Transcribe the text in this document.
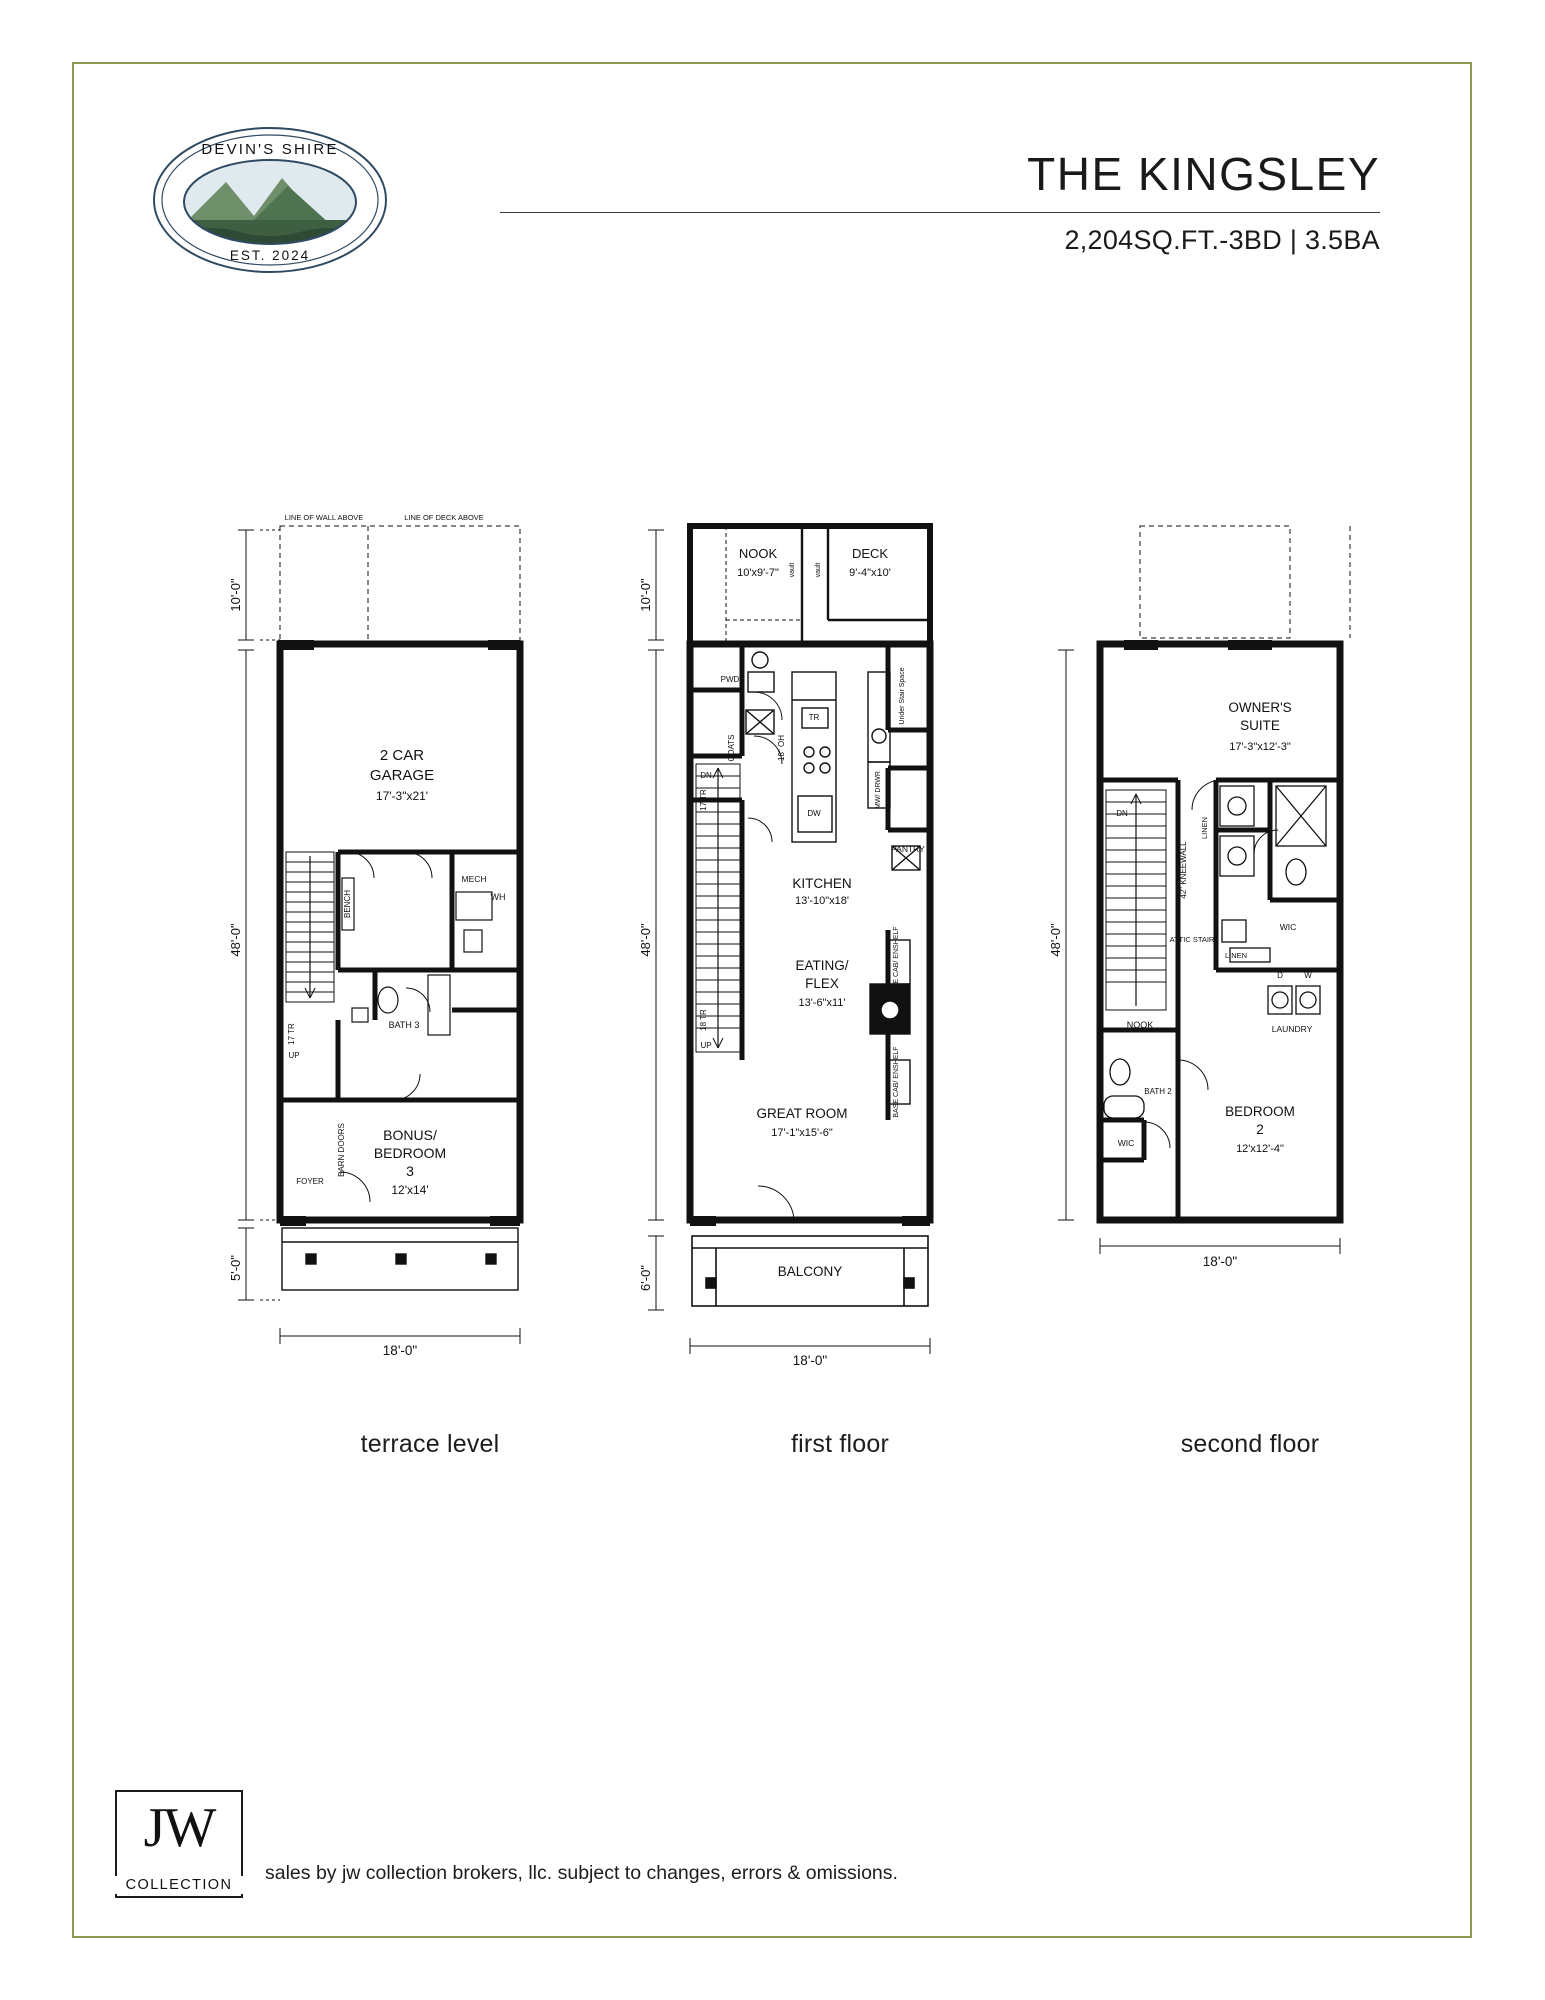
DEVIN'S SHIRE
EST. 2024
THE KINGSLEY
2,204SQ.FT.-3BD | 3.5BA
10'-0"
48'-0"
5'-0"
18'-0"
LINE OF WALL ABOVE	LINE OF DECK ABOVE
2 CAR
GARAGE
17'-3"x21'
BONUS/
BEDROOM
3
12'x14'
BENCH
MECH
WH
BATH 3
UP
17 TR
FOYER
BARN DOORS
terrace level
10'-0"
48'-0"
6'-0"
18'-0"
NOOK
10'x9'-7"
DECK
9'-4"x10'
vault	vault
KITCHEN
13'-10"x18'
EATING/
FLEX
13'-6"x11'
GREAT ROOM
17'-1"x15'-6"
PWD
COATS
DN
17 TR
UP
18 TR
PANTRY
TR
18" OH
DW
MW/ DRWR
BASE CAB/ ENSHELF
BASE CAB/ ENSHELF
Under Stair Space
BALCONY
first floor
48'-0"
18'-0"
OWNER'S
SUITE
17'-3"x12'-3"
BEDROOM
2
12'x12'-4"
DN
42" KNEEWALL
ATTIC STAIR
LINEN
WIC
NOOK
LINEN
D	W
LAUNDRY
BATH 2
WIC
second floor
JW
COLLECTION
sales by jw collection brokers, llc. subject to changes, errors & omissions.
